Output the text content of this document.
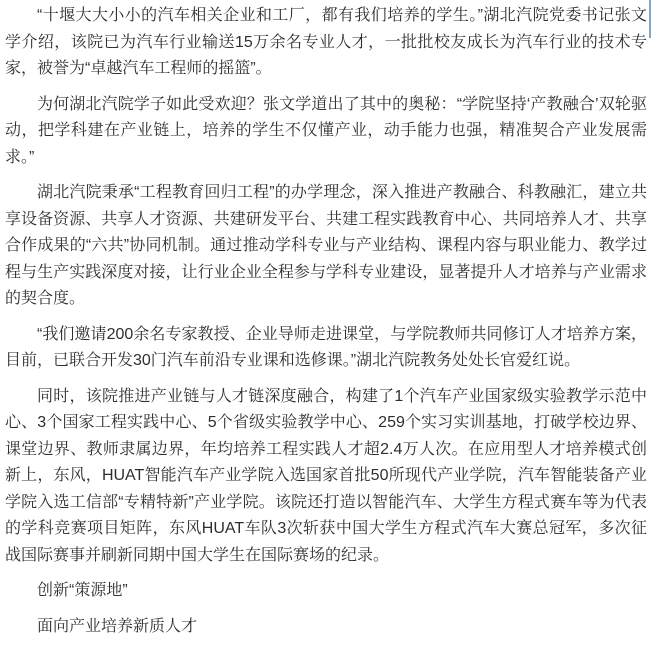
“十堰大大小小的汽车相关企业和工厂，都有我们培养的学生。”湖北汽院党委书记张文学介绍，该院已为汽车行业输送15万余名专业人才，一批批校友成长为汽车行业的技术专家，被誉为“卓越汽车工程师的摇篮”。

为何湖北汽院学子如此受欢迎？张文学道出了其中的奥秘：“学院坚持‘产教融合’双轮驱动，把学科建在产业链上，培养的学生不仅懂产业，动手能力也强，精准契合产业发展需求。”

湖北汽院秉承“工程教育回归工程”的办学理念，深入推进产教融合、科教融汇，建立共享设备资源、共享人才资源、共建研发平台、共建工程实践教育中心、共同培养人才、共享合作成果的“六共”协同机制。通过推动学科专业与产业结构、课程内容与职业能力、教学过程与生产实践深度对接，让行业企业全程参与学科专业建设，显著提升人才培养与产业需求的契合度。

“我们邀请200余名专家教授、企业导师走进课堂，与学院教师共同修订人才培养方案，目前，已联合开发30门汽车前沿专业课和选修课。”湖北汽院教务处处长官爱红说。

同时，该院推进产业链与人才链深度融合，构建了1个汽车产业国家级实验教学示范中心、3个国家工程实践中心、5个省级实验教学中心、259个实习实训基地，打破学校边界、课堂边界、教师隶属边界，年均培养工程实践人才超2.4万人次。在应用型人才培养模式创新上，东风，HUAT智能汽车产业学院入选国家首批50所现代产业学院，汽车智能装备产业学院入选工信部“专精特新”产业学院。该院还打造以智能汽车、大学生方程式赛车等为代表的学科竞赛项目矩阵，东风HUAT车队3次斩获中国大学生方程式汽车大赛总冠军，多次征战国际赛事并刷新同期中国大学生在国际赛场的纪录。

创新“策源地”

面向产业培养新质人才
